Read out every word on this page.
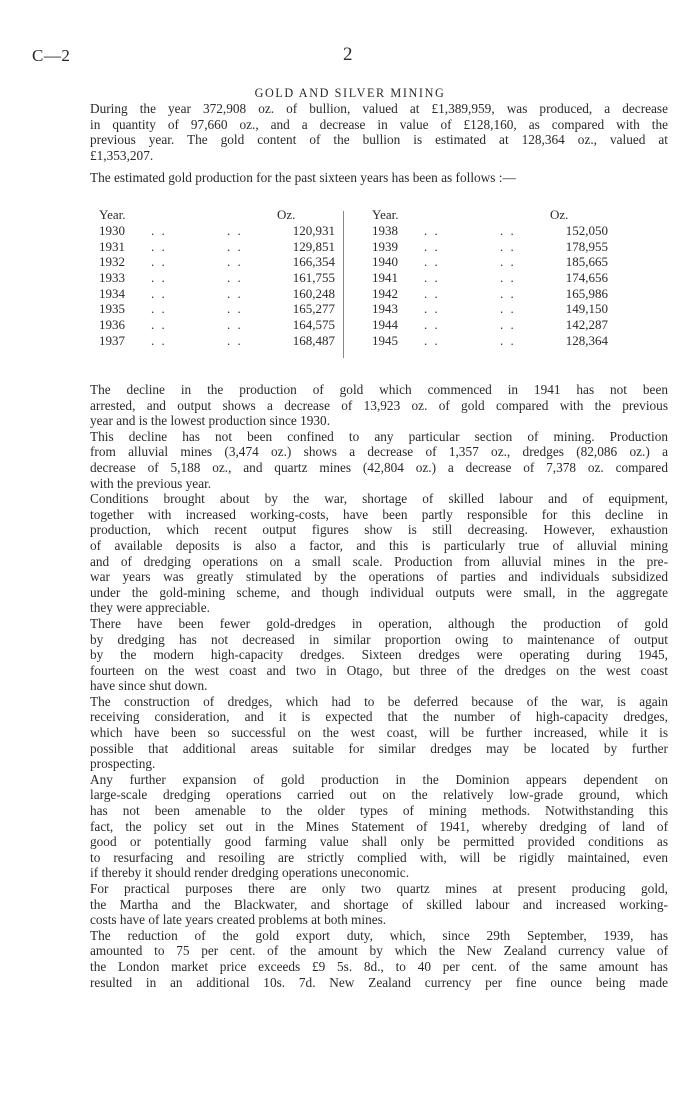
C—2	2
GOLD AND SILVER MINING

During the year 372,908 oz. of bullion, valued at £1,389,959, was produced, a decrease
in quantity of 97,660 oz., and a decrease in value of £128,160, as compared with the
previous year. The gold content of the bullion is estimated at 128,364 oz., valued at
£1,353,207.

The estimated gold production for the past sixteen years has been as follows :—

Year.	Oz.
1930 . .	. .	120,931
1931 . .	. .	129,851
1932 . .	. .	166,354
1933 . .	. .	161,755
1934 . .	. .	160,248
1935 . .	. .	165,277
1936 . .	. .	164,575
1937 . .	. .	168,487
Year.	Oz.
1938 . .	. .	152,050
1939 . .	. .	178,955
1940 . .	. .	185,665
1941 . .	. .	174,656
1942 . .	. .	165,986
1943 . .	. .	149,150
1944 . .	. .	142,287
1945 . .	. .	128,364

The decline in the production of gold which commenced in 1941 has not been
arrested, and output shows a decrease of 13,923 oz. of gold compared with the previous
year and is the lowest production since 1930.

This decline has not been confined to any particular section of mining. Production
from alluvial mines (3,474 oz.) shows a decrease of 1,357 oz., dredges (82,086 oz.) a
decrease of 5,188 oz., and quartz mines (42,804 oz.) a decrease of 7,378 oz. compared
with the previous year.

Conditions brought about by the war, shortage of skilled labour and of equipment,
together with increased working-costs, have been partly responsible for this decline in
production, which recent output figures show is still decreasing. However, exhaustion
of available deposits is also a factor, and this is particularly true of alluvial mining
and of dredging operations on a small scale. Production from alluvial mines in the pre-
war years was greatly stimulated by the operations of parties and individuals subsidized
under the gold-mining scheme, and though individual outputs were small, in the aggregate
they were appreciable.

There have been fewer gold-dredges in operation, although the production of gold
by dredging has not decreased in similar proportion owing to maintenance of output
by the modern high-capacity dredges. Sixteen dredges were operating during 1945,
fourteen on the west coast and two in Otago, but three of the dredges on the west coast
have since shut down.

The construction of dredges, which had to be deferred because of the war, is again
receiving consideration, and it is expected that the number of high-capacity dredges,
which have been so successful on the west coast, will be further increased, while it is
possible that additional areas suitable for similar dredges may be located by further
prospecting.

Any further expansion of gold production in the Dominion appears dependent on
large-scale dredging operations carried out on the relatively low-grade ground, which
has not been amenable to the older types of mining methods. Notwithstanding this
fact, the policy set out in the Mines Statement of 1941, whereby dredging of land of
good or potentially good farming value shall only be permitted provided conditions as
to resurfacing and resoiling are strictly complied with, will be rigidly maintained, even
if thereby it should render dredging operations uneconomic.

For practical purposes there are only two quartz mines at present producing gold,
the Martha and the Blackwater, and shortage of skilled labour and increased working-
costs have of late years created problems at both mines.

The reduction of the gold export duty, which, since 29th September, 1939, has
amounted to 75 per cent. of the amount by which the New Zealand currency value of
the London market price exceeds £9 5s. 8d., to 40 per cent. of the same amount has
resulted in an additional 10s. 7d. New Zealand currency per fine ounce being made
